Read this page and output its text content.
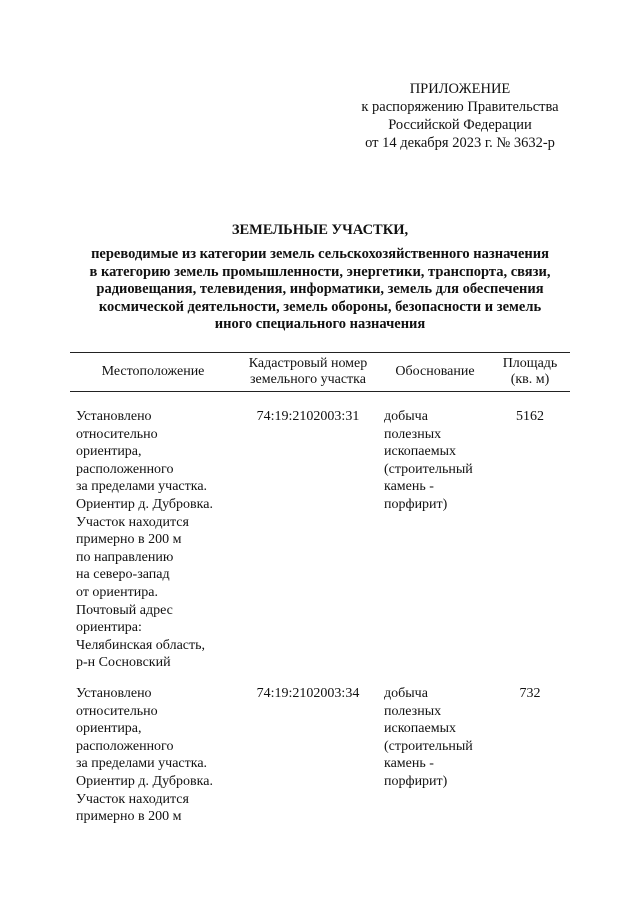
ПРИЛОЖЕНИЕ
к распоряжению Правительства
Российской Федерации
от 14 декабря 2023 г. № 3632-р
ЗЕМЕЛЬНЫЕ УЧАСТКИ,
переводимые из категории земель сельскохозяйственного назначения
в категорию земель промышленности, энергетики, транспорта, связи,
радиовещания, телевидения, информатики, земель для обеспечения
космической деятельности, земель обороны, безопасности и земель
иного специального назначения
Местоположение
Кадастровый номер
земельного участка
Обоснование
Площадь
(кв. м)
Установлено
относительно
ориентира,
расположенного
за пределами участка.
Ориентир д. Дубровка.
Участок находится
примерно в 200 м
по направлению
на северо-запад
от ориентира.
Почтовый адрес
ориентира:
Челябинская область,
р-н Сосновский
74:19:2102003:31	добыча
полезных
ископаемых
(строительный
камень -
порфирит)
5162
Установлено
относительно
ориентира,
расположенного
за пределами участка.
Ориентир д. Дубровка.
Участок находится
примерно в 200 м
74:19:2102003:34	добыча
полезных
ископаемых
(строительный
камень -
порфирит)
732
